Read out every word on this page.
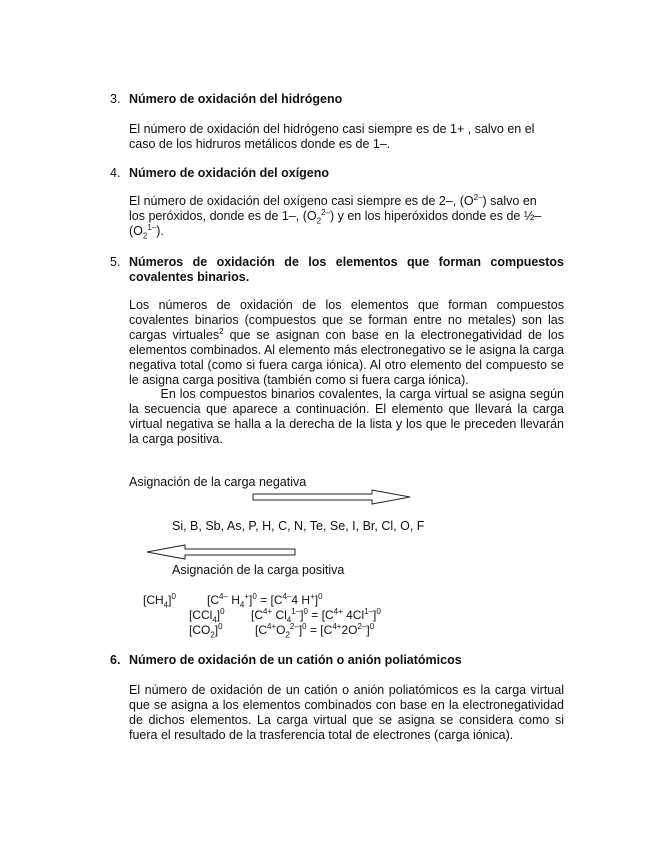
3. Número de oxidación del hidrógeno
El número de oxidación del hidrógeno casi siempre es de 1+ , salvo en el
caso de los hidruros metálicos donde es de 1–.
4. Número de oxidación del oxígeno
El número de oxidación del oxígeno casi siempre es de 2–, $(O^{2-})$ salvo en
los peróxidos, donde es de 1–, $(O_2^{2-})$ y en los hiperóxidos donde es de ½–
$(O_2^{1-})$.
5. Números de oxidación de los elementos que forman compuestos
covalentes binarios.
Los números de oxidación de los elementos que forman compuestos covalentes binarios (compuestos que se forman entre no metales) son las cargas virtuales$^2$ que se asignan con base en la electronegatividad de los elementos combinados. Al elemento más electronegativo se le asigna la carga negativa total (como si fuera carga iónica). Al otro elemento del compuesto se le asigna carga positiva (también como si fuera carga iónica).
En los compuestos binarios covalentes, la carga virtual se asigna según la secuencia que aparece a continuación. El elemento que llevará la carga virtual negativa se halla a la derecha de la lista y los que le preceden llevarán la carga positiva.
Asignación de la carga negativa
Si, B, Sb, As, P, H, C, N, Te, Se, I, Br, Cl, O, F
Asignación de la carga positiva
$[CH_4]^0$	[$C^{4-}$ $H_4^+]^0 = [C^{4-}4$ H+]$^0$
$[CCl_4]^0$ [$C^{4+}$ $Cl_4^{1-}]^0 = [C^{4+}$ $4Cl^{1-}]^0$
$[CO_2]^0$	$[C^{4+}O_2^{2-}]^0 = [C^{4+}2O^{2-}]^0$
6. Número de oxidación de un catión o anión poliatómicos
El número de oxidación de un catión o anión poliatómicos es la carga virtual que se asigna a los elementos combinados con base en la electronegatividad de dichos elementos. La carga virtual que se asigna se considera como si fuera el resultado de la trasferencia total de electrones (carga iónica).
